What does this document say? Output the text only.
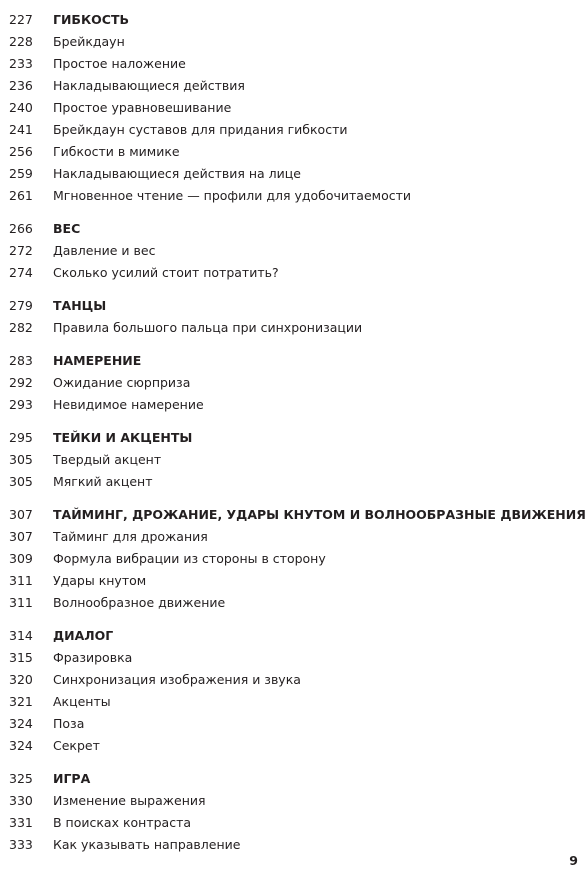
227	ГИБКОСТЬ
228	Брейкдаун
233	Простое наложение
236	Накладывающиеся действия
240	Простое уравновешивание
241	Брейкдаун суставов для придания гибкости
256	Гибкости в мимике
259	Накладывающиеся действия на лице
261	Мгновенное чтение — профили для удобочитаемости
266	ВЕС
272	Давление и вес
274	Сколько усилий стоит потратить?
279	ТАНЦЫ
282	Правила большого пальца при синхронизации
283	НАМЕРЕНИЕ
292	Ожидание сюрприза
293	Невидимое намерение
295	ТЕЙКИ И АКЦЕНТЫ
305	Твердый акцент
305	Мягкий акцент
307	ТАЙМИНГ, ДРОЖАНИЕ, УДАРЫ КНУТОМ И ВОЛНООБРАЗНЫЕ ДВИЖЕНИЯ
307	Тайминг для дрожания
309	Формула вибрации из стороны в сторону
311	Удары кнутом
311	Волнообразное движение
314	ДИАЛОГ
315	Фразировка
320	Синхронизация изображения и звука
321	Акценты
324	Поза
324	Секрет
325	ИГРА
330	Изменение выражения
331	В поисках контраста
333	Как указывать направление
9
